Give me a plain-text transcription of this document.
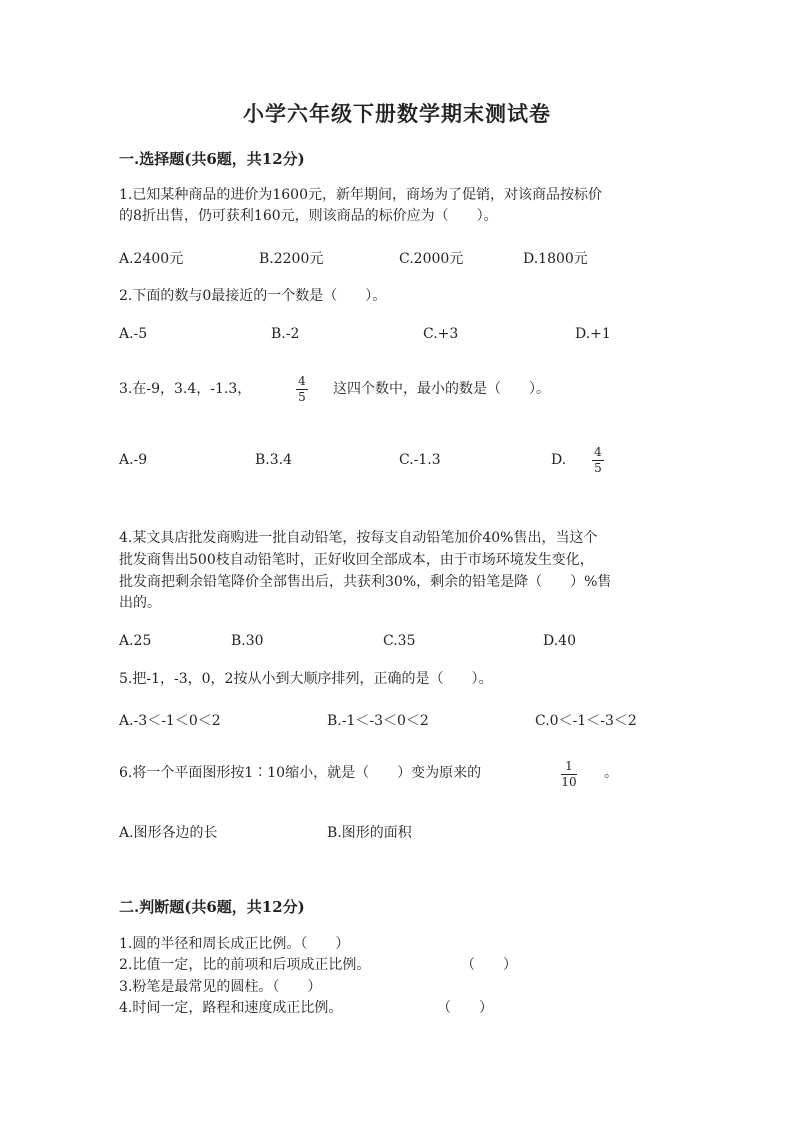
小学六年级下册数学期末测试卷
一.选择题(共6题，共12分)
1.已知某种商品的进价为1600元，新年期间，商场为了促销，对该商品按标价
的8折出售，仍可获利160元，则该商品的标价应为（　　）。
A.2400元	B.2200元	C.2000元	D.1800元
2.下面的数与0最接近的一个数是（　　）。
A.-5	B.-2	C.+3	D.+1
3.在-9，3.4，-1.3，	4
5 这四个数中，最小的数是（　　）。
A.-9	B.3.4	C.-1.3	D. 4
5
4.某文具店批发商购进一批自动铅笔，按每支自动铅笔加价40%售出，当这个
批发商售出500枝自动铅笔时，正好收回全部成本，由于市场环境发生变化，
批发商把剩余铅笔降价全部售出后，共获利30%，剩余的铅笔是降（　　）%售
出的。
A.25	B.30	C.35	D.40
5.把-1，-3，0，2按从小到大顺序排列，正确的是（　　）。
A.-3＜-1＜0＜2	B.-1＜-3＜0＜2	C.0＜-1＜-3＜2
6.将一个平面图形按1∶10缩小，就是（　　）变为原来的	1
10
。
A.图形各边的长	B.图形的面积
二.判断题(共6题，共12分)
1.圆的半径和周长成正比例。（　　）
2.比值一定，比的前项和后项成正比例。	（　　）
3.粉笔是最常见的圆柱。（　　）
4.时间一定，路程和速度成正比例。	（　　）
